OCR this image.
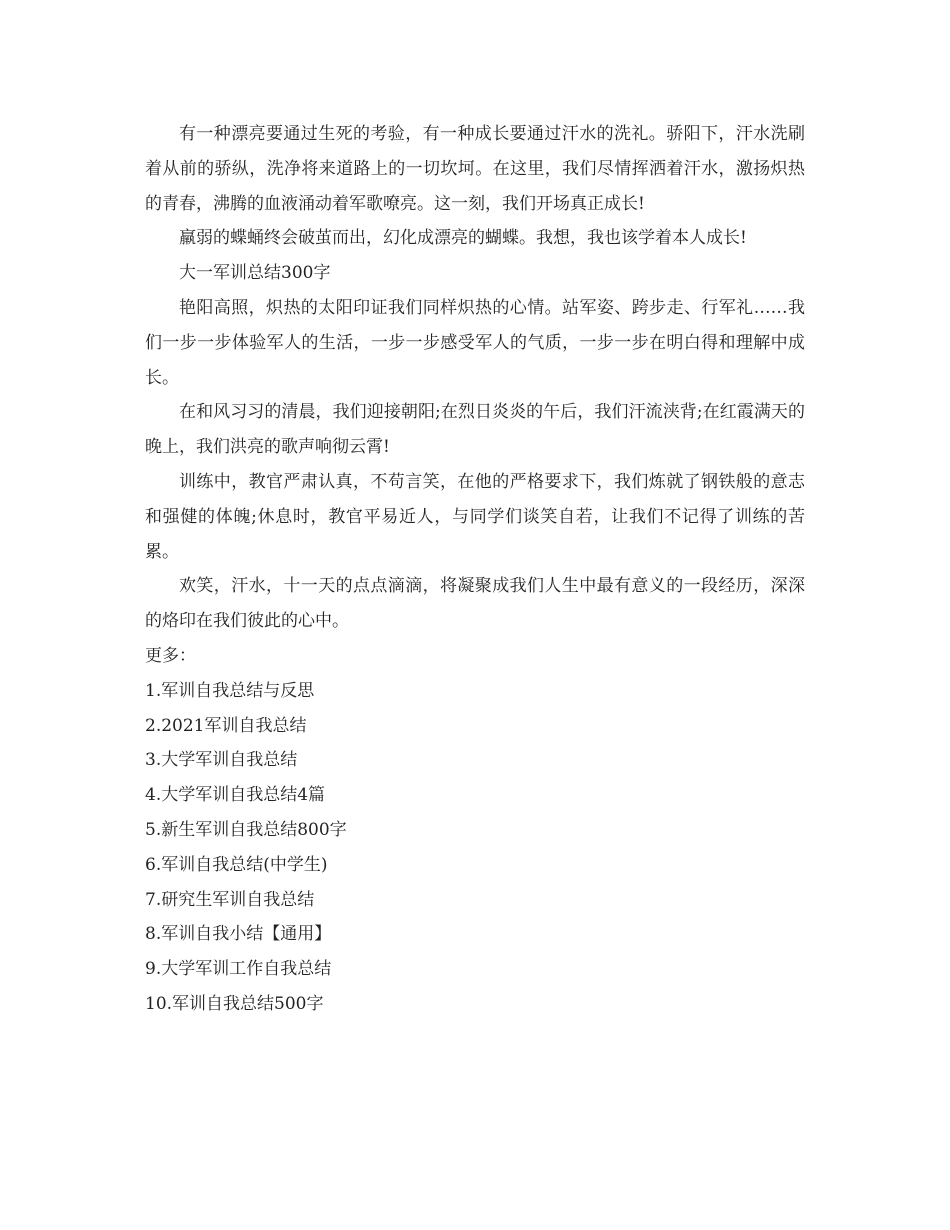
有一种漂亮要通过生死的考验，有一种成长要通过汗水的洗礼。骄阳下，汗水洗刷着从前的骄纵，洗净将来道路上的一切坎坷。在这里，我们尽情挥洒着汗水，激扬炽热的青春，沸腾的血液涌动着军歌嘹亮。这一刻，我们开场真正成长!

羸弱的蝶蛹终会破茧而出，幻化成漂亮的蝴蝶。我想，我也该学着本人成长!

大一军训总结300字

艳阳高照，炽热的太阳印证我们同样炽热的心情。站军姿、跨步走、行军礼……我们一步一步体验军人的生活，一步一步感受军人的气质，一步一步在明白得和理解中成长。

在和风习习的清晨，我们迎接朝阳;在烈日炎炎的午后，我们汗流浃背;在红霞满天的晚上，我们洪亮的歌声响彻云霄!

训练中，教官严肃认真，不苟言笑，在他的严格要求下，我们炼就了钢铁般的意志和强健的体魄;休息时，教官平易近人，与同学们谈笑自若，让我们不记得了训练的苦累。

欢笑，汗水，十一天的点点滴滴，将凝聚成我们人生中最有意义的一段经历，深深的烙印在我们彼此的心中。

更多：

1.军训自我总结与反思
2.2021军训自我总结
3.大学军训自我总结
4.大学军训自我总结4篇
5.新生军训自我总结800字
6.军训自我总结(中学生)
7.研究生军训自我总结
8.军训自我小结【通用】
9.大学军训工作自我总结
10.军训自我总结500字
